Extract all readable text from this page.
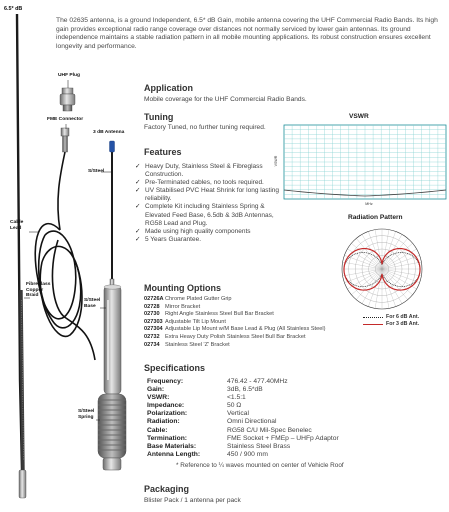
The 02635 antenna, is a ground Independent, 6.5* dB Gain, mobile antenna covering the UHF Commercial Radio Bands. Its high gain provides exceptional radio range coverage over distances not normally serviced by lower gain antennas. Its ground independence maintains a stable radiation pattern in all mobile mounting applications. Its robust construction ensures excellent longevity and performance.
6.5* dB
UHF Plug
FME Connector
3 dB Antenna
S/Steel
Cable
Lead
Fibreglass
Copper
Braid
S/Steel
Base
S/Steel
Spring
Application
Mobile coverage for the UHF Commercial Radio Bands.
Tuning
Factory Tuned, no further tuning required.
Features
✓ Heavy Duty, Stainless Steel & Fibreglass Construction.
✓ Pre-Terminated cables, no tools required.
✓ UV Stabilised PVC Heat Shrink for long lasting reliability.
✓ Complete Kit including Stainless Spring & Elevated Feed Base, 6.5db & 3dB Antennas, RG58 Lead and Plug.
✓ Made using high quality components
✓ 5 Years Guarantee.
Mounting Options
02726A Chrome Plated Gutter Grip
02728 Mirror Bracket
02730 Right Angle Stainless Steel Bull Bar Bracket
027303 Adjustable Tilt Lip Mount
027304 Adjustable Lip Mount w/M Base Lead & Plug (All Stainless Steel)
02732 Extra Heavy Duty Polish Stainless Steel Bull Bar Bracket
02734 Stainless Steel 'Z' Bracket
Specifications
Frequency:	476.42 - 477.40MHz
Gain:	3dB, 6.5*dB
VSWR:	<1.5:1
Impedance:	50 Ω
Polarization:	Vertical
Radiation:	Omni Directional
Cable:	RG58 C/U Mil-Spec Benelec
Termination:	FME Socket + FMEp – UHFp Adaptor
Base Materials:	Stainless Steel Brass
Antenna Length:	450 / 900 mm
* Reference to ¼ waves mounted on center of Vehicle Roof
Packaging
Blister Pack / 1 antenna per pack
VSWR
VSWR
MHz
Radiation Pattern
For 6 dB Ant.
For 3 dB Ant.
